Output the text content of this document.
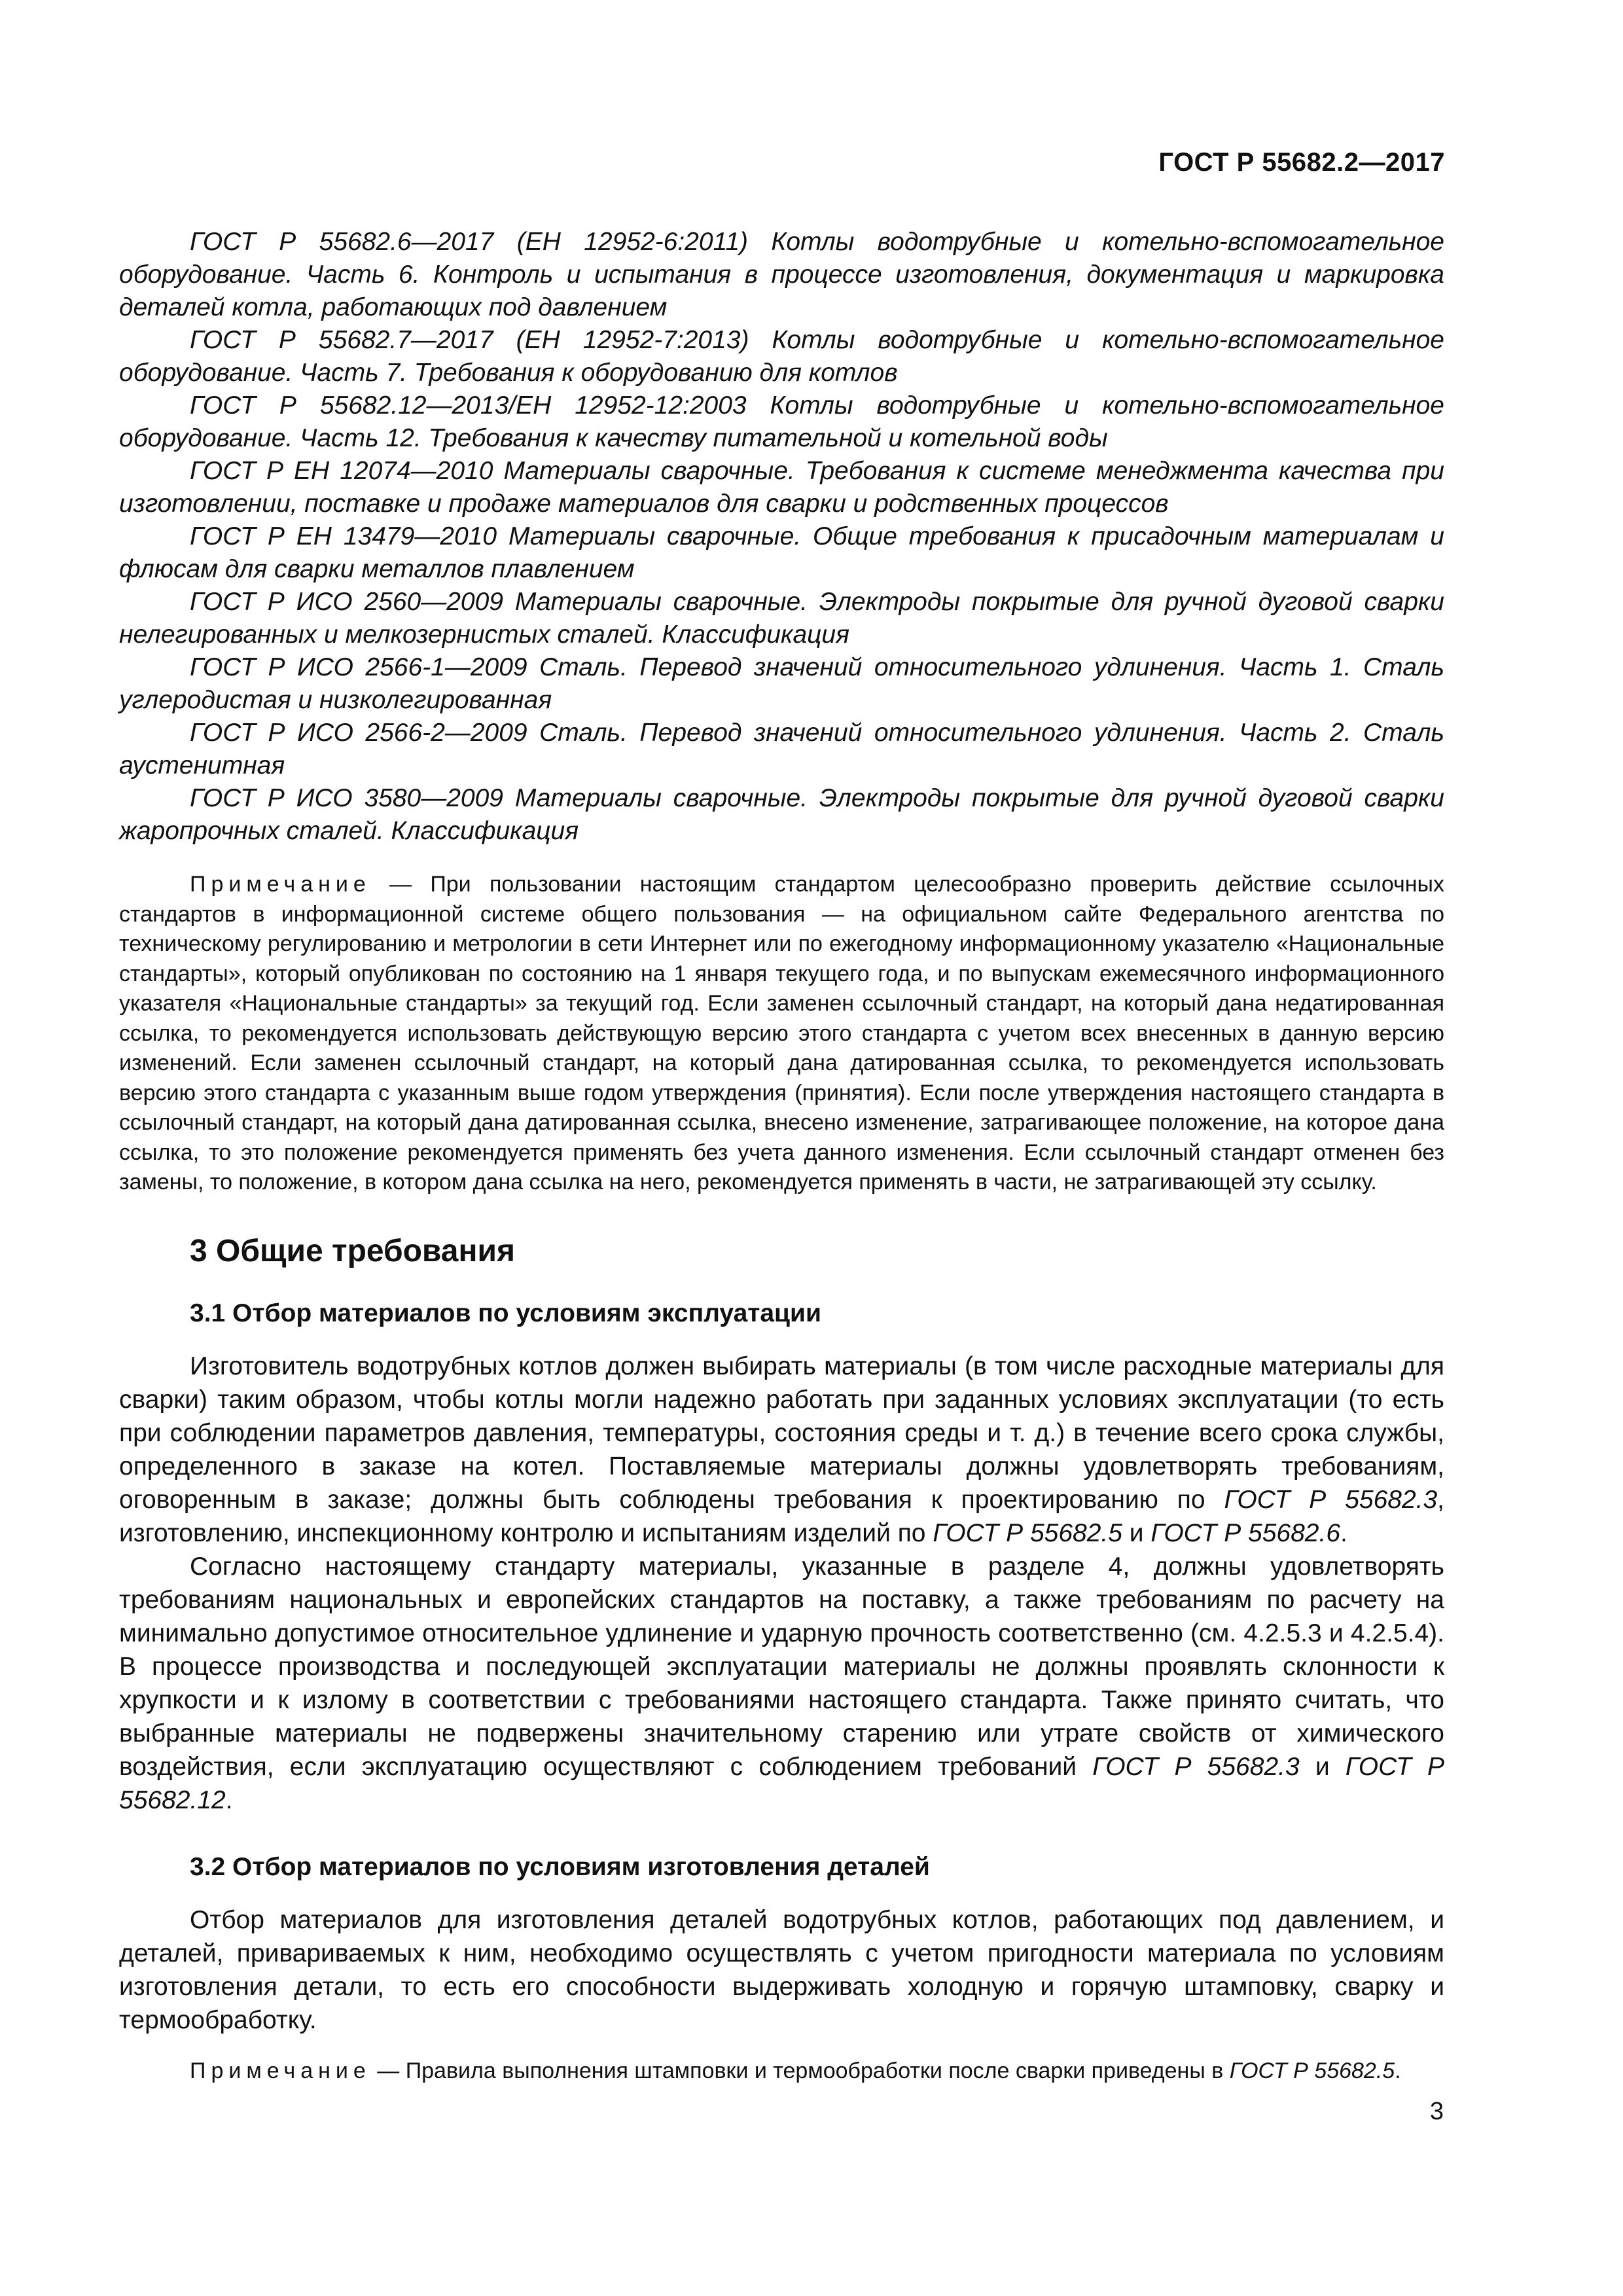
ГОСТ Р 55682.2—2017

ГОСТ Р 55682.6—2017 (ЕН 12952-6:2011) Котлы водотрубные и котельно-вспомогательное оборудование. Часть 6. Контроль и испытания в процессе изготовления, документация и маркировка деталей котла, работающих под давлением

ГОСТ Р 55682.7—2017 (ЕН 12952-7:2013) Котлы водотрубные и котельно-вспомогательное оборудование. Часть 7. Требования к оборудованию для котлов

ГОСТ Р 55682.12—2013/ЕН 12952-12:2003 Котлы водотрубные и котельно-вспомогательное оборудование. Часть 12. Требования к качеству питательной и котельной воды

ГОСТ Р ЕН 12074—2010 Материалы сварочные. Требования к системе менеджмента качества при изготовлении, поставке и продаже материалов для сварки и родственных процессов

ГОСТ Р ЕН 13479—2010 Материалы сварочные. Общие требования к присадочным материалам и флюсам для сварки металлов плавлением

ГОСТ Р ИСО 2560—2009 Материалы сварочные. Электроды покрытые для ручной дуговой сварки нелегированных и мелкозернистых сталей. Классификация

ГОСТ Р ИСО 2566-1—2009 Сталь. Перевод значений относительного удлинения. Часть 1. Сталь углеродистая и низколегированная

ГОСТ Р ИСО 2566-2—2009 Сталь. Перевод значений относительного удлинения. Часть 2. Сталь аустенитная

ГОСТ Р ИСО 3580—2009 Материалы сварочные. Электроды покрытые для ручной дуговой сварки жаропрочных сталей. Классификация

Примечание — При пользовании настоящим стандартом целесообразно проверить действие ссылочных стандартов в информационной системе общего пользования — на официальном сайте Федерального агентства по техническому регулированию и метрологии в сети Интернет или по ежегодному информационному указателю «Национальные стандарты», который опубликован по состоянию на 1 января текущего года, и по выпускам ежемесячного информационного указателя «Национальные стандарты» за текущий год. Если заменен ссылочный стандарт, на который дана недатированная ссылка, то рекомендуется использовать действующую версию этого стандарта с учетом всех внесенных в данную версию изменений. Если заменен ссылочный стандарт, на который дана датированная ссылка, то рекомендуется использовать версию этого стандарта с указанным выше годом утверждения (принятия). Если после утверждения настоящего стандарта в ссылочный стандарт, на который дана датированная ссылка, внесено изменение, затрагивающее положение, на которое дана ссылка, то это положение рекомендуется применять без учета данного изменения. Если ссылочный стандарт отменен без замены, то положение, в котором дана ссылка на него, рекомендуется применять в части, не затрагивающей эту ссылку.

3 Общие требования
3.1 Отбор материалов по условиям эксплуатации

Изготовитель водотрубных котлов должен выбирать материалы (в том числе расходные материалы для сварки) таким образом, чтобы котлы могли надежно работать при заданных условиях эксплуатации (то есть при соблюдении параметров давления, температуры, состояния среды и т. д.) в течение всего срока службы, определенного в заказе на котел. Поставляемые материалы должны удовлетворять требованиям, оговоренным в заказе; должны быть соблюдены требования к проектированию по ГОСТ Р 55682.3, изготовлению, инспекционному контролю и испытаниям изделий по ГОСТ Р 55682.5 и ГОСТ Р 55682.6.

Согласно настоящему стандарту материалы, указанные в разделе 4, должны удовлетворять требованиям национальных и европейских стандартов на поставку, а также требованиям по расчету на минимально допустимое относительное удлинение и ударную прочность соответственно (см. 4.2.5.3 и 4.2.5.4). В процессе производства и последующей эксплуатации материалы не должны проявлять склонности к хрупкости и к излому в соответствии с требованиями настоящего стандарта. Также принято считать, что выбранные материалы не подвержены значительному старению или утрате свойств от химического воздействия, если эксплуатацию осуществляют с соблюдением требований ГОСТ Р 55682.3 и ГОСТ Р 55682.12.

3.2 Отбор материалов по условиям изготовления деталей

Отбор материалов для изготовления деталей водотрубных котлов, работающих под давлением, и деталей, привариваемых к ним, необходимо осуществлять с учетом пригодности материала по условиям изготовления детали, то есть его способности выдерживать холодную и горячую штамповку, сварку и термообработку.

Примечание — Правила выполнения штамповки и термообработки после сварки приведены в ГОСТ Р 55682.5.

3
